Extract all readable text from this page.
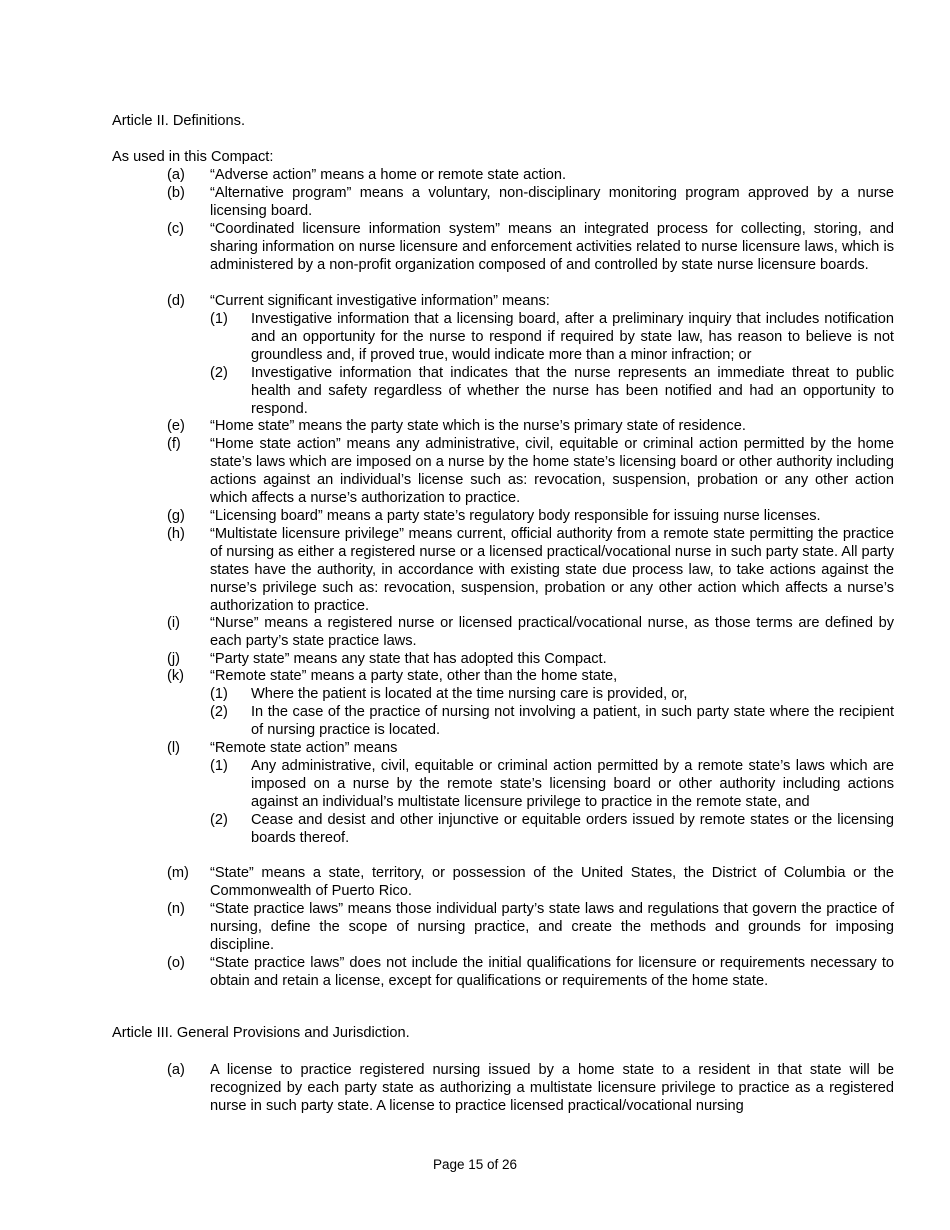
Article II. Definitions.
As used in this Compact:
(a) “Adverse action” means a home or remote state action.
(b) “Alternative program” means a voluntary, non-disciplinary monitoring program approved by a nurse licensing board.
(c) “Coordinated licensure information system” means an integrated process for collecting, storing, and sharing information on nurse licensure and enforcement activities related to nurse licensure laws, which is administered by a non-profit organization composed of and controlled by state nurse licensure boards.
(d) “Current significant investigative information” means:
(1) Investigative information that a licensing board, after a preliminary inquiry that includes notification and an opportunity for the nurse to respond if required by state law, has reason to believe is not groundless and, if proved true, would indicate more than a minor infraction; or
(2) Investigative information that indicates that the nurse represents an immediate threat to public health and safety regardless of whether the nurse has been notified and had an opportunity to respond.
(e) “Home state” means the party state which is the nurse’s primary state of residence.
(f) “Home state action” means any administrative, civil, equitable or criminal action permitted by the home state’s laws which are imposed on a nurse by the home state’s licensing board or other authority including actions against an individual’s license such as: revocation, suspension, probation or any other action which affects a nurse’s authorization to practice.
(g) “Licensing board” means a party state’s regulatory body responsible for issuing nurse licenses.
(h) “Multistate licensure privilege” means current, official authority from a remote state permitting the practice of nursing as either a registered nurse or a licensed practical/vocational nurse in such party state. All party states have the authority, in accordance with existing state due process law, to take actions against the nurse’s privilege such as: revocation, suspension, probation or any other action which affects a nurse’s authorization to practice.
(i) “Nurse” means a registered nurse or licensed practical/vocational nurse, as those terms are defined by each party’s state practice laws.
(j) “Party state” means any state that has adopted this Compact.
(k) “Remote state” means a party state, other than the home state,
(1) Where the patient is located at the time nursing care is provided, or,
(2) In the case of the practice of nursing not involving a patient, in such party state where the recipient of nursing practice is located.
(l) “Remote state action” means
(1) Any administrative, civil, equitable or criminal action permitted by a remote state’s laws which are imposed on a nurse by the remote state’s licensing board or other authority including actions against an individual’s multistate licensure privilege to practice in the remote state, and
(2) Cease and desist and other injunctive or equitable orders issued by remote states or the licensing boards thereof.
(m) “State” means a state, territory, or possession of the United States, the District of Columbia or the Commonwealth of Puerto Rico.
(n) “State practice laws” means those individual party’s state laws and regulations that govern the practice of nursing, define the scope of nursing practice, and create the methods and grounds for imposing discipline.
(o) “State practice laws” does not include the initial qualifications for licensure or requirements necessary to obtain and retain a license, except for qualifications or requirements of the home state.
Article III. General Provisions and Jurisdiction.
(a) A license to practice registered nursing issued by a home state to a resident in that state will be recognized by each party state as authorizing a multistate licensure privilege to practice as a registered nurse in such party state. A license to practice licensed practical/vocational nursing
Page 15 of 26
